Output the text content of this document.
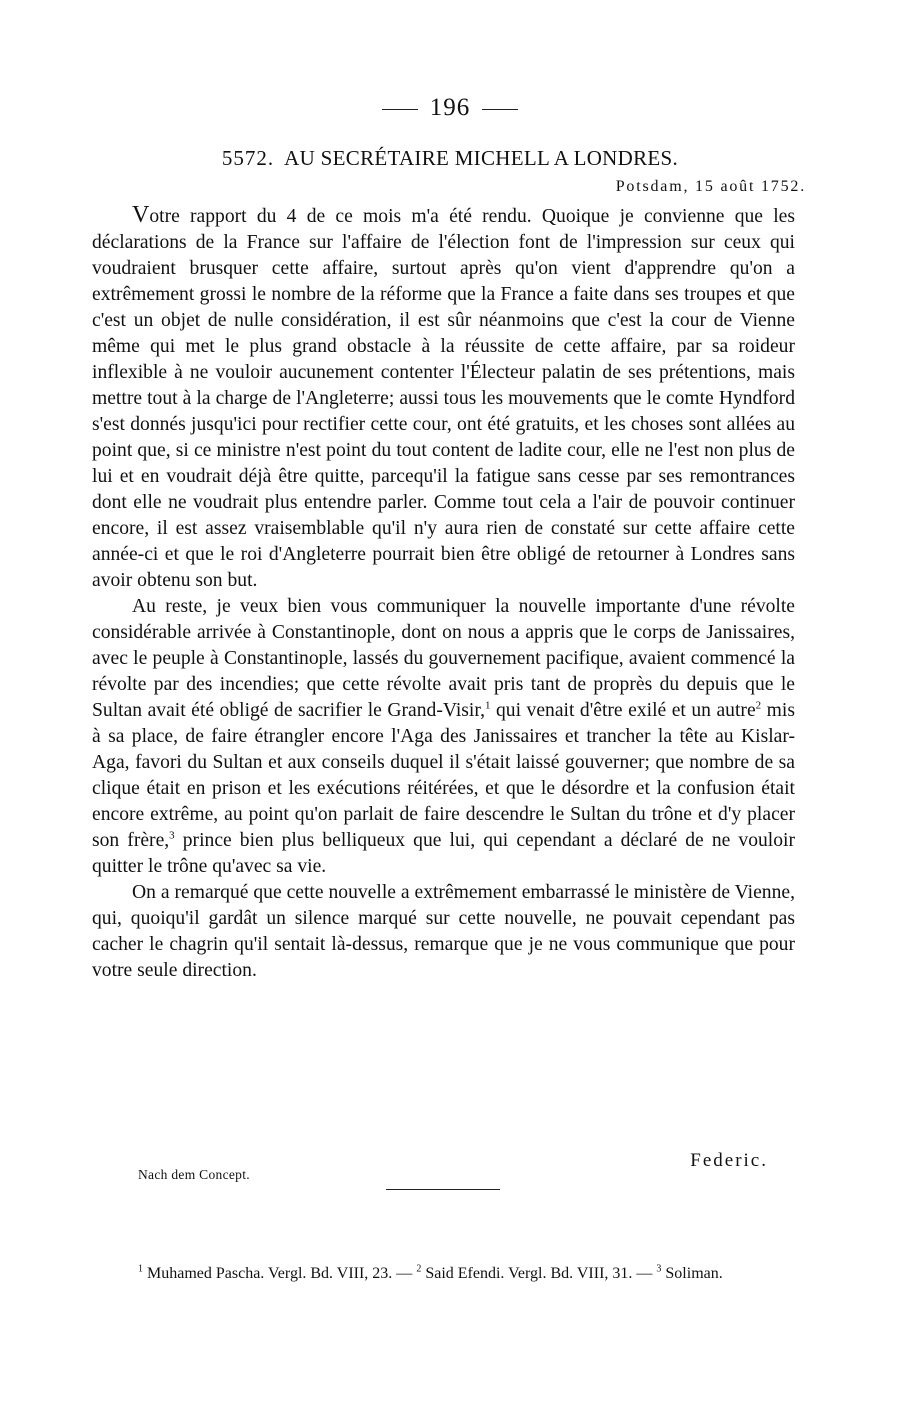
196
5572. AU SECRÉTAIRE MICHELL A LONDRES.
Potsdam, 15 août 1752.

Votre rapport du 4 de ce mois m'a été rendu. Quoique je convienne que les déclarations de la France sur l'affaire de l'élection font de l'impression sur ceux qui voudraient brusquer cette affaire, surtout après qu'on vient d'apprendre qu'on a extrêmement grossi le nombre de la réforme que la France a faite dans ses troupes et que c'est un objet de nulle considération, il est sûr néanmoins que c'est la cour de Vienne même qui met le plus grand obstacle à la réussite de cette affaire, par sa roideur inflexible à ne vouloir aucunement contenter l'Électeur palatin de ses prétentions, mais mettre tout à la charge de l'Angleterre; aussi tous les mouvements que le comte Hyndford s'est donnés jusqu'ici pour rectifier cette cour, ont été gratuits, et les choses sont allées au point que, si ce ministre n'est point du tout content de ladite cour, elle ne l'est non plus de lui et en voudrait déjà être quitte, parcequ'il la fatigue sans cesse par ses remontrances dont elle ne voudrait plus entendre parler. Comme tout cela a l'air de pouvoir continuer encore, il est assez vraisemblable qu'il n'y aura rien de constaté sur cette affaire cette année-ci et que le roi d'Angleterre pourrait bien être obligé de retourner à Londres sans avoir obtenu son but.

Au reste, je veux bien vous communiquer la nouvelle importante d'une révolte considérable arrivée à Constantinople, dont on nous a appris que le corps de Janissaires, avec le peuple à Constantinople, lassés du gouvernement pacifique, avaient commencé la révolte par des incendies; que cette révolte avait pris tant de proprès du depuis que le Sultan avait été obligé de sacrifier le Grand-Visir,$^1$ qui venait d'être exilé et un autre$^2$ mis à sa place, de faire étrangler encore l'Aga des Janissaires et trancher la tête au Kislar-Aga, favori du Sultan et aux conseils duquel il s'était laissé gouverner; que nombre de sa clique était en prison et les exécutions réitérées, et que le désordre et la confusion était encore extrême, au point qu'on parlait de faire descendre le Sultan du trône et d'y placer son frère,$^3$ prince bien plus belliqueux que lui, qui cependant a déclaré de ne vouloir quitter le trône qu'avec sa vie.

On a remarqué que cette nouvelle a extrêmement embarrassé le ministère de Vienne, qui, quoiqu'il gardât un silence marqué sur cette nouvelle, ne pouvait cependant pas cacher le chagrin qu'il sentait là-dessus, remarque que je ne vous communique que pour votre seule direction.

Federic.
Nach dem Concept.

$^1$ Muhamed Pascha. Vergl. Bd. VIII, 23. — $^2$ Said Efendi. Vergl. Bd. VIII, 31. — $^3$ Soliman.
